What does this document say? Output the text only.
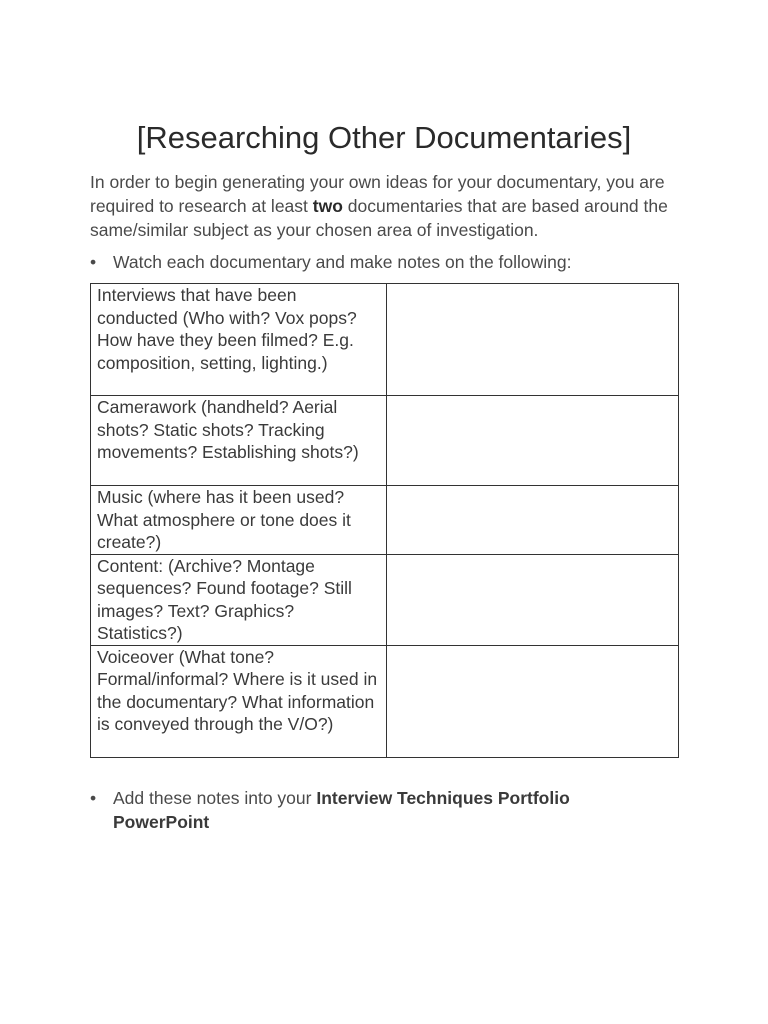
[Researching Other Documentaries]

In order to begin generating your own ideas for your documentary, you are required to research at least two documentaries that are based around the same/similar subject as your chosen area of investigation.

• Watch each documentary and make notes on the following:
Interviews that have been conducted (Who with? Vox pops? How have they been filmed? E.g. composition, setting, lighting.)	
Camerawork (handheld? Aerial shots? Static shots? Tracking movements? Establishing shots?)	
Music (where has it been used? What atmosphere or tone does it create?)	
Content: (Archive? Montage sequences? Found footage? Still images? Text? Graphics? Statistics?)	
Voiceover (What tone? Formal/informal? Where is it used in the documentary? What information is conveyed through the V/O?)	
• Add these notes into your Interview Techniques Portfolio PowerPoint
